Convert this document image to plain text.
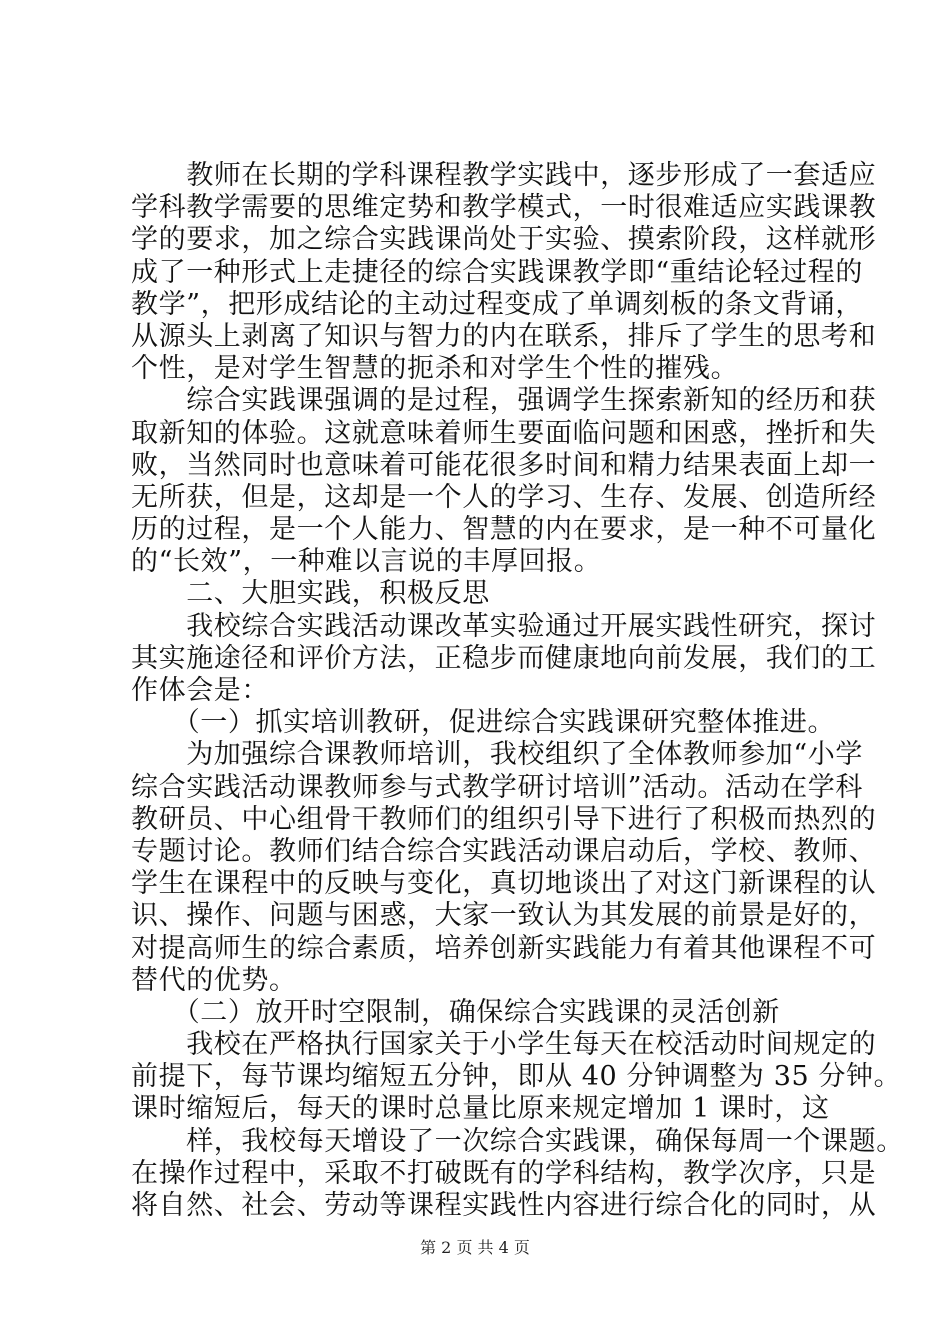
　　教师在长期的学科课程教学实践中，逐步形成了一套适应
学科教学需要的思维定势和教学模式，一时很难适应实践课教
学的要求，加之综合实践课尚处于实验、摸索阶段，这样就形
成了一种形式上走捷径的综合实践课教学即“重结论轻过程的
教学”，把形成结论的主动过程变成了单调刻板的条文背诵，
从源头上剥离了知识与智力的内在联系，排斥了学生的思考和
个性，是对学生智慧的扼杀和对学生个性的摧残。
　　综合实践课强调的是过程，强调学生探索新知的经历和获
取新知的体验。这就意味着师生要面临问题和困惑，挫折和失
败，当然同时也意味着可能花很多时间和精力结果表面上却一
无所获，但是，这却是一个人的学习、生存、发展、创造所经
历的过程，是一个人能力、智慧的内在要求，是一种不可量化
的“长效”，一种难以言说的丰厚回报。
　　二、大胆实践，积极反思
　　我校综合实践活动课改革实验通过开展实践性研究，探讨
其实施途径和评价方法，正稳步而健康地向前发展，我们的工
作体会是：
　　（一）抓实培训教研，促进综合实践课研究整体推进。
　　为加强综合课教师培训，我校组织了全体教师参加“小学
综合实践活动课教师参与式教学研讨培训”活动。活动在学科
教研员、中心组骨干教师们的组织引导下进行了积极而热烈的
专题讨论。教师们结合综合实践活动课启动后，学校、教师、
学生在课程中的反映与变化，真切地谈出了对这门新课程的认
识、操作、问题与困惑，大家一致认为其发展的前景是好的，
对提高师生的综合素质，培养创新实践能力有着其他课程不可
替代的优势。
　　（二）放开时空限制，确保综合实践课的灵活创新
　　我校在严格执行国家关于小学生每天在校活动时间规定的
前提下，每节课均缩短五分钟，即从 40 分钟调整为 35 分钟。
课时缩短后，每天的课时总量比原来规定增加 1 课时，这
　　样，我校每天增设了一次综合实践课，确保每周一个课题。
在操作过程中，采取不打破既有的学科结构，教学次序，只是
将自然、社会、劳动等课程实践性内容进行综合化的同时，从
第 2 页 共 4 页
